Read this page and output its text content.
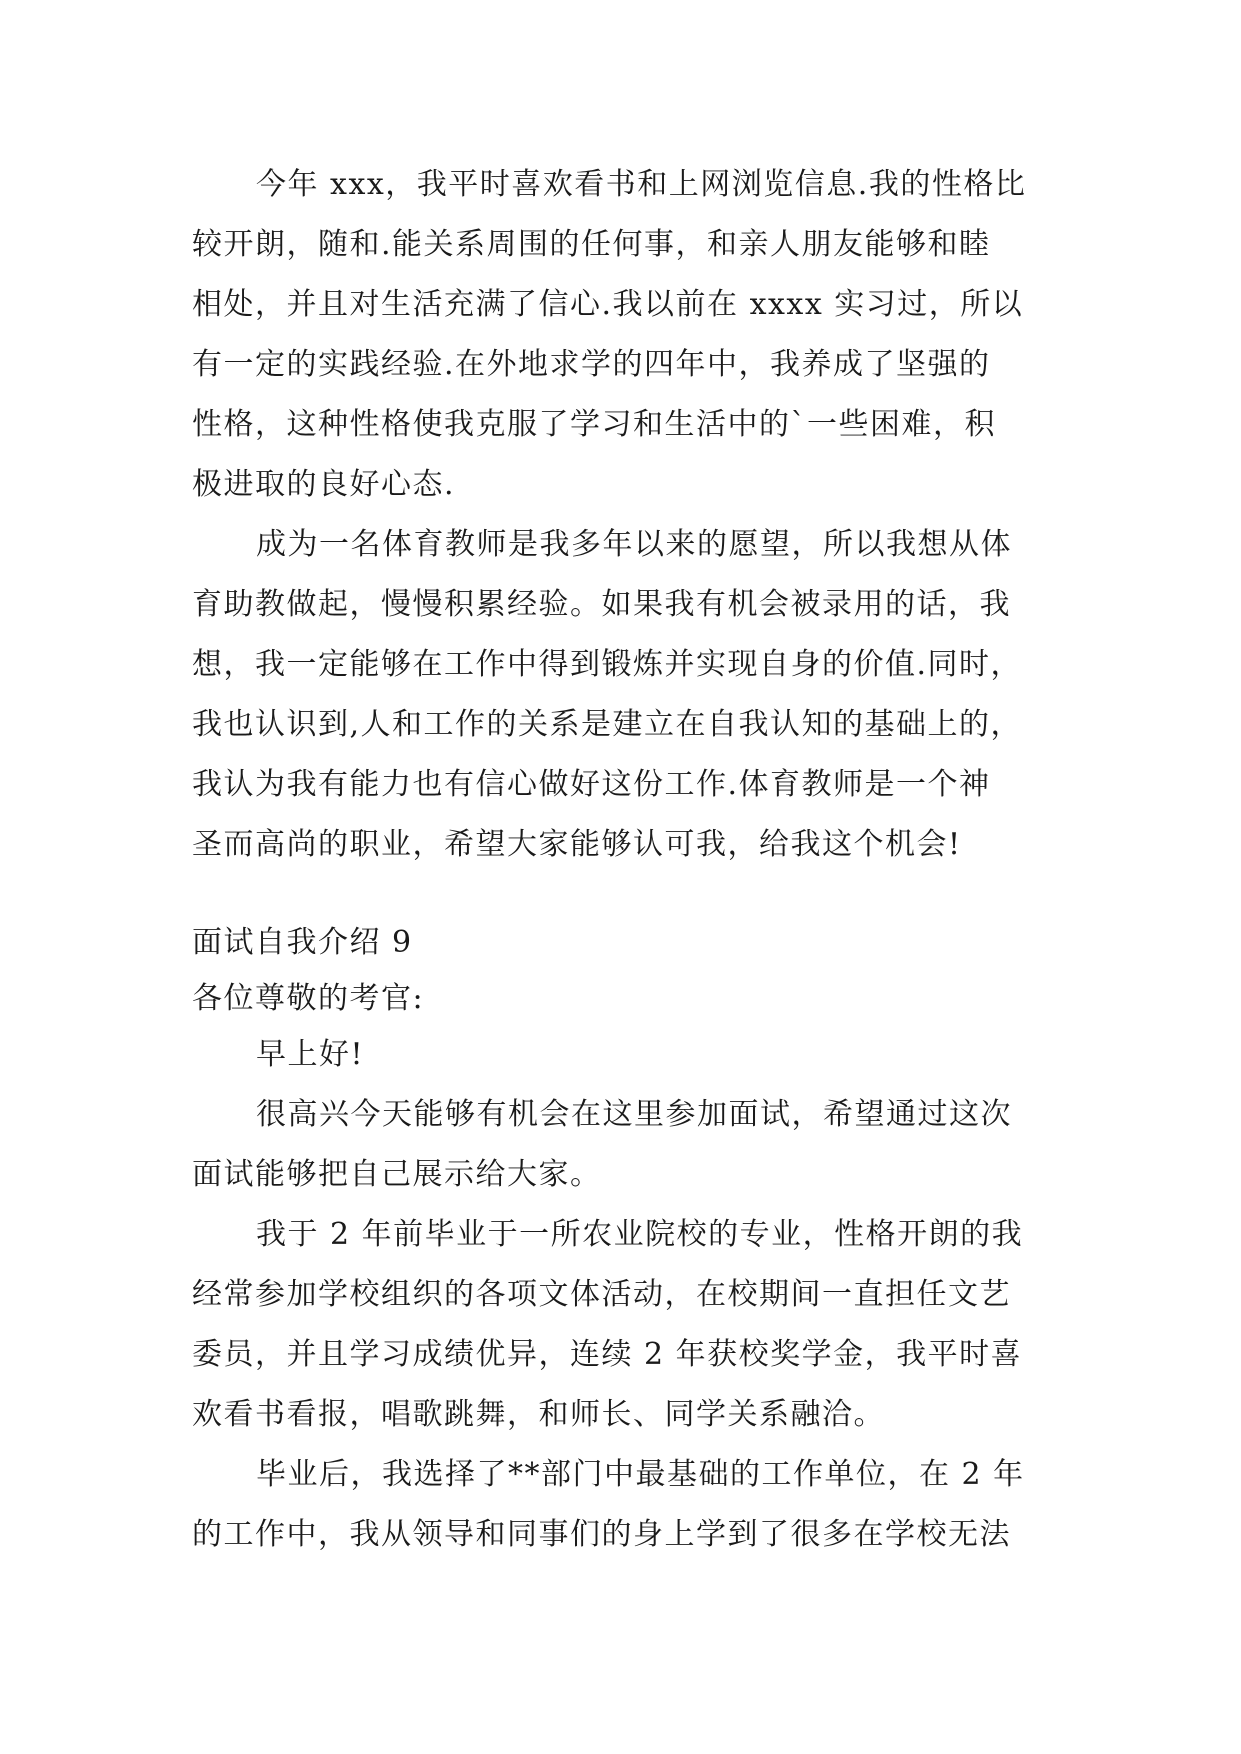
今年 xxx，我平时喜欢看书和上网浏览信息.我的性格比
较开朗，随和.能关系周围的任何事，和亲人朋友能够和睦
相处，并且对生活充满了信心.我以前在 xxxx 实习过，所以
有一定的实践经验.在外地求学的四年中，我养成了坚强的
性格，这种性格使我克服了学习和生活中的`一些困难，积
极进取的良好心态.
成为一名体育教师是我多年以来的愿望，所以我想从体
育助教做起，慢慢积累经验。如果我有机会被录用的话，我
想，我一定能够在工作中得到锻炼并实现自身的价值.同时，
我也认识到,人和工作的关系是建立在自我认知的基础上的，
我认为我有能力也有信心做好这份工作.体育教师是一个神
圣而高尚的职业，希望大家能够认可我，给我这个机会!
面试自我介绍 9
各位尊敬的考官:
早上好!
很高兴今天能够有机会在这里参加面试，希望通过这次
面试能够把自己展示给大家。
我于 2 年前毕业于一所农业院校的专业，性格开朗的我
经常参加学校组织的各项文体活动，在校期间一直担任文艺
委员，并且学习成绩优异，连续 2 年获校奖学金，我平时喜
欢看书看报，唱歌跳舞，和师长、同学关系融洽。
毕业后，我选择了**部门中最基础的工作单位，在 2 年
的工作中，我从领导和同事们的身上学到了很多在学校无法
